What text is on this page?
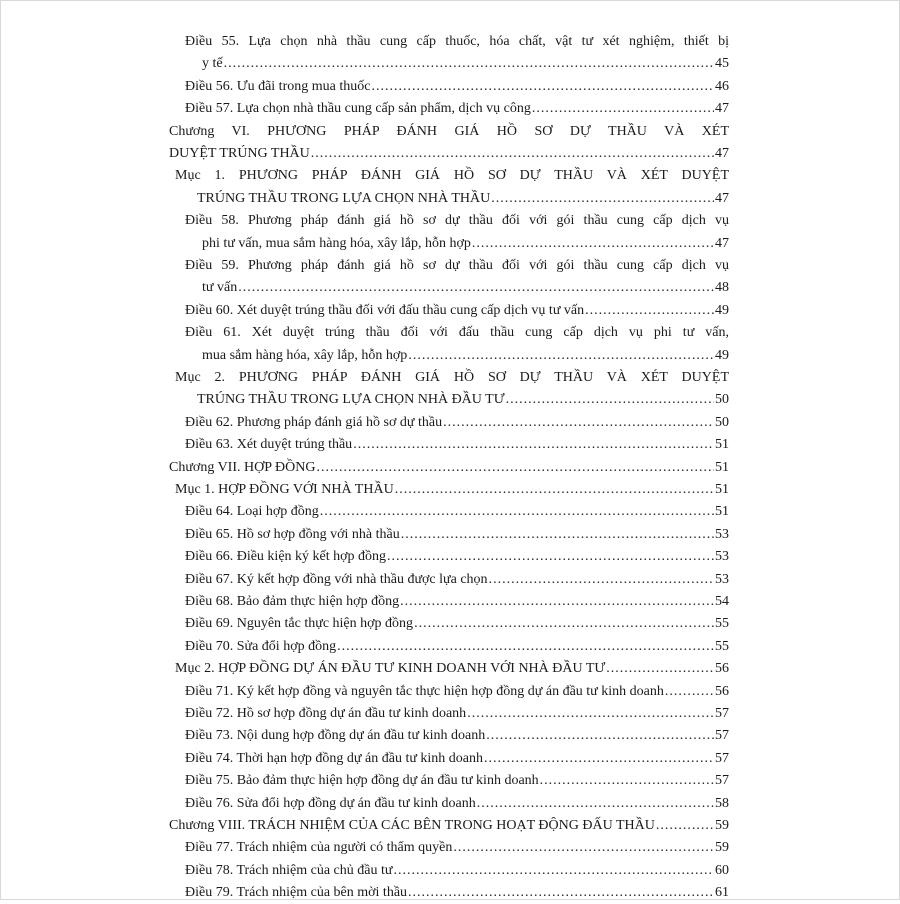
Điều 55. Lựa chọn nhà thầu cung cấp thuốc, hóa chất, vật tư xét nghiệm, thiết bị
y tế .....	45
Điều 56. Ưu đãi trong mua thuốc .....	46
Điều 57. Lựa chọn nhà thầu cung cấp sản phẩm, dịch vụ công .....	47
Chương VI. PHƯƠNG PHÁP ĐÁNH GIÁ HỒ SƠ DỰ THẦU VÀ XÉT
DUYỆT TRÚNG THẦU .....	47
Mục 1. PHƯƠNG PHÁP ĐÁNH GIÁ HỒ SƠ DỰ THẦU VÀ XÉT DUYỆT
TRÚNG THẦU TRONG LỰA CHỌN NHÀ THẦU .....	47
Điều 58. Phương pháp đánh giá hồ sơ dự thầu đối với gói thầu cung cấp dịch vụ
phi tư vấn, mua sắm hàng hóa, xây lắp, hỗn hợp .....	47
Điều 59. Phương pháp đánh giá hồ sơ dự thầu đối với gói thầu cung cấp dịch vụ
tư vấn .....	48
Điều 60. Xét duyệt trúng thầu đối với đấu thầu cung cấp dịch vụ tư vấn .....	49
Điều 61. Xét duyệt trúng thầu đối với đấu thầu cung cấp dịch vụ phi tư vấn,
mua sắm hàng hóa, xây lắp, hỗn hợp .....	49
Mục 2. PHƯƠNG PHÁP ĐÁNH GIÁ HỒ SƠ DỰ THẦU VÀ XÉT DUYỆT
TRÚNG THẦU TRONG LỰA CHỌN NHÀ ĐẦU TƯ .....	50
Điều 62. Phương pháp đánh giá hồ sơ dự thầu .....	50
Điều 63. Xét duyệt trúng thầu .....	51
Chương VII. HỢP ĐỒNG .....	51
Mục 1. HỢP ĐỒNG VỚI NHÀ THẦU .....	51
Điều 64. Loại hợp đồng .....	51
Điều 65. Hồ sơ hợp đồng với nhà thầu .....	53
Điều 66. Điều kiện ký kết hợp đồng .....	53
Điều 67. Ký kết hợp đồng với nhà thầu được lựa chọn .....	53
Điều 68. Bảo đảm thực hiện hợp đồng .....	54
Điều 69. Nguyên tắc thực hiện hợp đồng .....	55
Điều 70. Sửa đổi hợp đồng .....	55
Mục 2. HỢP ĐỒNG DỰ ÁN ĐẦU TƯ KINH DOANH VỚI NHÀ ĐẦU TƯ .....	56
Điều 71. Ký kết hợp đồng và nguyên tắc thực hiện hợp đồng dự án đầu tư kinh doanh .....	56
Điều 72. Hồ sơ hợp đồng dự án đầu tư kinh doanh .....	57
Điều 73. Nội dung hợp đồng dự án đầu tư kinh doanh .....	57
Điều 74. Thời hạn hợp đồng dự án đầu tư kinh doanh .....	57
Điều 75. Bảo đảm thực hiện hợp đồng dự án đầu tư kinh doanh .....	57
Điều 76. Sửa đổi hợp đồng dự án đầu tư kinh doanh .....	58
Chương VIII. TRÁCH NHIỆM CỦA CÁC BÊN TRONG HOẠT ĐỘNG ĐẤU THẦU .....	59
Điều 77. Trách nhiệm của người có thẩm quyền .....	59
Điều 78. Trách nhiệm của chủ đầu tư .....	60
Điều 79. Trách nhiệm của bên mời thầu .....	61
